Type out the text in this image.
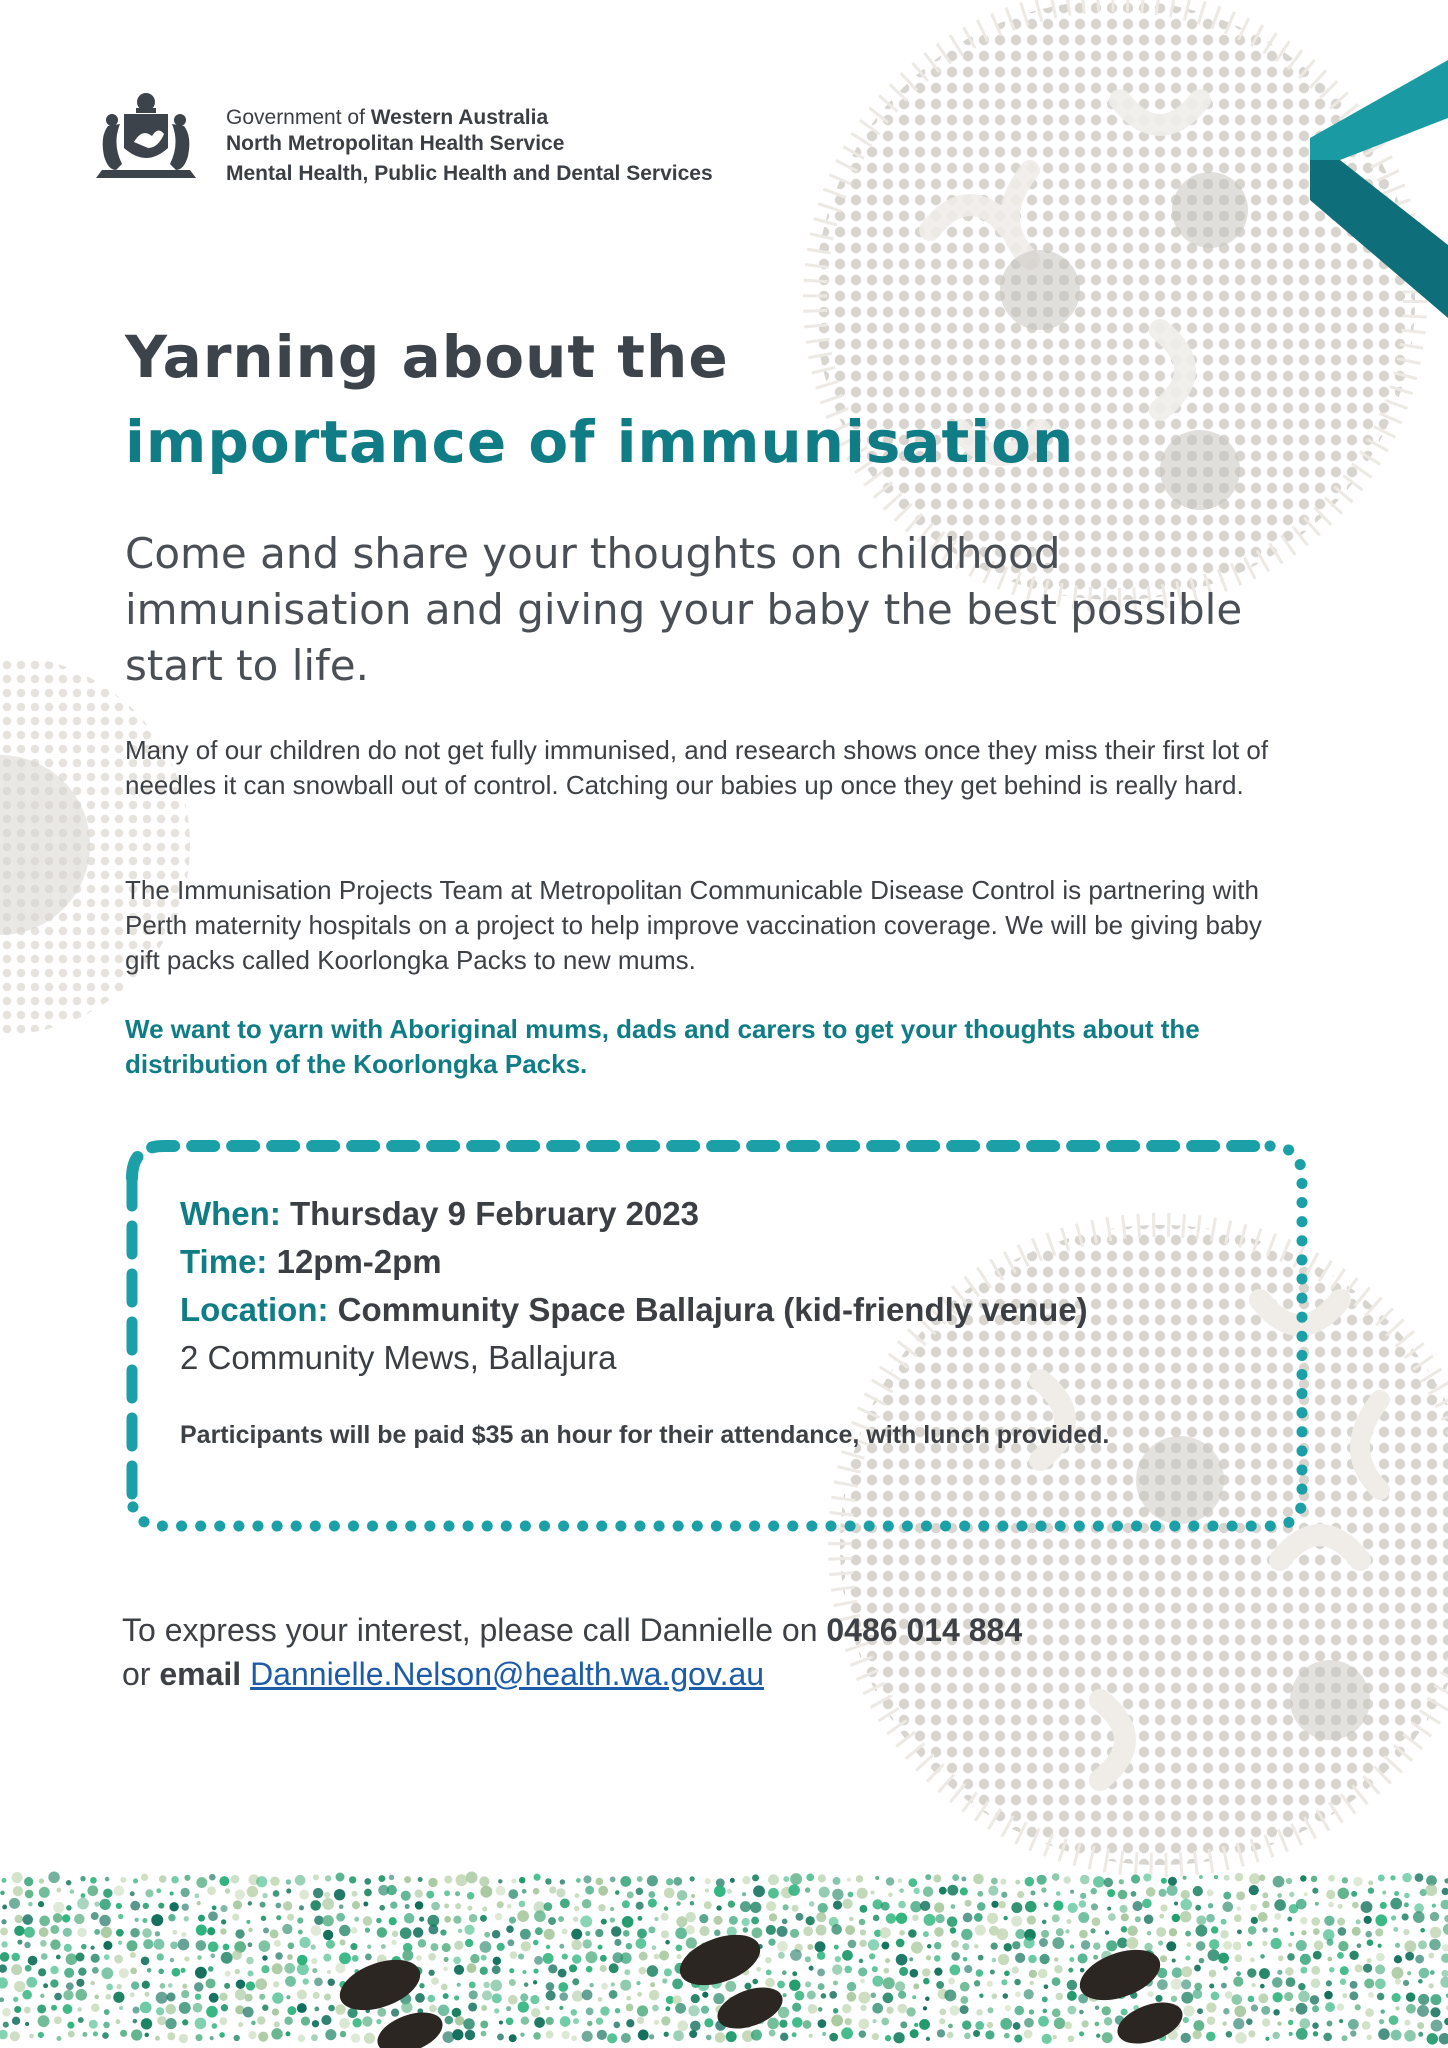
Government of Western Australia
North Metropolitan Health Service
Mental Health, Public Health and Dental Services
Yarning about the
importance of immunisation
Come and share your thoughts on childhood immunisation and giving your baby the best possible start to life.
Many of our children do not get fully immunised, and research shows once they miss their first lot of needles it can snowball out of control. Catching our babies up once they get behind is really hard.
The Immunisation Projects Team at Metropolitan Communicable Disease Control is partnering with Perth maternity hospitals on a project to help improve vaccination coverage. We will be giving baby gift packs called Koorlongka Packs to new mums.
We want to yarn with Aboriginal mums, dads and carers to get your thoughts about the distribution of the Koorlongka Packs.
When: Thursday 9 February 2023
Time: 12pm-2pm
Location: Community Space Ballajura (kid-friendly venue)
2 Community Mews, Ballajura
Participants will be paid $35 an hour for their attendance, with lunch provided.
To express your interest, please call Dannielle on 0486 014 884
or email Dannielle.Nelson@health.wa.gov.au
